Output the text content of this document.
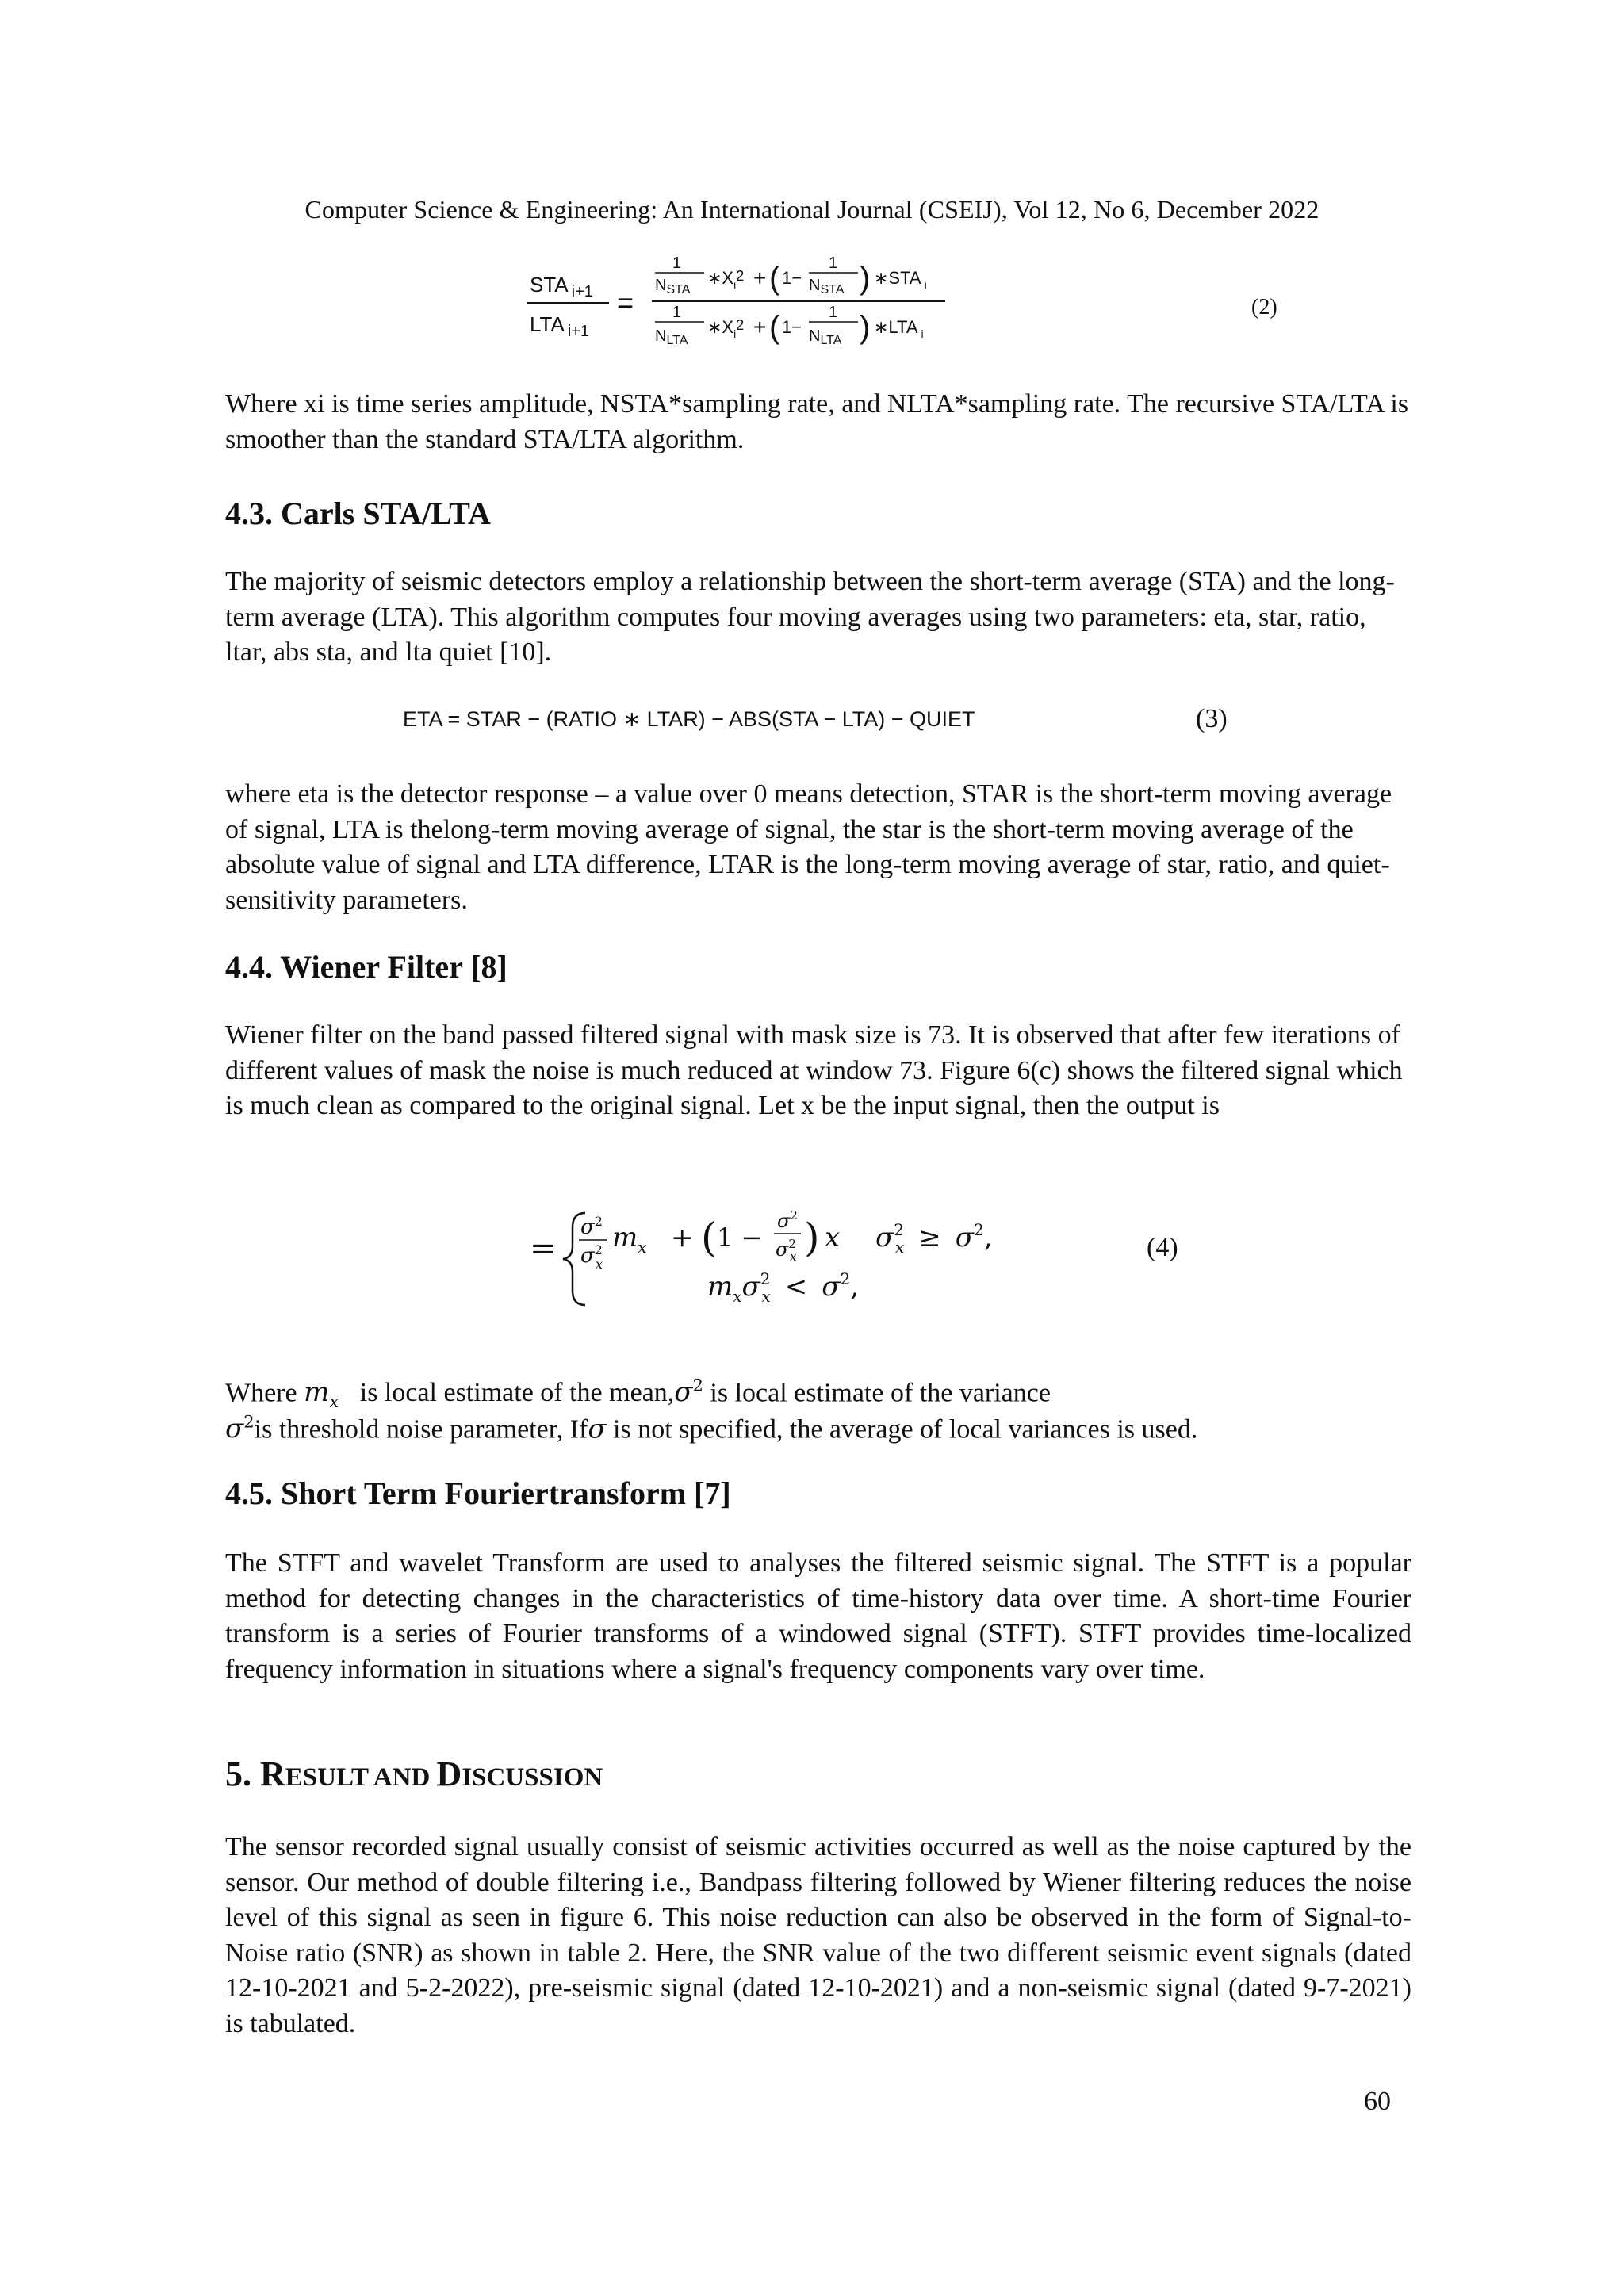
Computer Science & Engineering: An International Journal (CSEIJ), Vol 12, No 6, December 2022
STA $_{i+1}$
LTA $_{i+1}$
=
1
$N_{STA}$
$∗X_i^2$ + ( 1−
1
$N_{STA}$ ) ∗STA $_i$
1
$N_{LTA}$
$∗X_i^2$ + ( 1−
1
$N_{LTA}$ ) ∗LTA $_i$
(2)
Where xi is time series amplitude, NSTA*sampling rate, and NLTA*sampling rate. The recursive STA/LTA is smoother than the standard STA/LTA algorithm.
4.3. Carls STA/LTA
The majority of seismic detectors employ a relationship between the short-term average (STA) and the long-term average (LTA). This algorithm computes four moving averages using two parameters: eta, star, ratio, ltar, abs sta, and lta quiet [10].
ETA = STAR − (RATIO ∗ LTAR) − ABS(STA − LTA) − QUIET	(3)
where eta is the detector response – a value over 0 means detection, STAR is the short-term moving average of signal, LTA is thelong-term moving average of signal, the star is the short-term moving average of the absolute value of signal and LTA difference, LTAR is the long-term moving average of star, ratio, and quiet-sensitivity parameters.
4.4. Wiener Filter [8]
Wiener filter on the band passed filtered signal with mask size is 73. It is observed that after few iterations of different values of mask the noise is much reduced at window 73. Figure 6(c) shows the filtered signal which is much clean as compared to the original signal. Let x be the input signal, then the output is
=
$\sigma^2$
$\sigma^2$ x
$m_x$ + ( 1 −
$\sigma^2$
$\sigma^2$ x ) x $\sigma^2$ $x \ge \sigma^2$,
$m_x\sigma^2$ $x < \sigma^2$,
(4)
Where $m_x$ is local estimate of the $mean,\sigma^2$ is local estimate of the variance
$\sigma^2is$ threshold noise parameter, Ifσ is not specified, the average of local variances is used.
4.5. Short Term Fouriertransform [7]
The STFT and wavelet Transform are used to analyses the filtered seismic signal. The STFT is a popular method for detecting changes in the characteristics of time-history data over time. A short-time Fourier transform is a series of Fourier transforms of a windowed signal (STFT). STFT provides time-localized frequency information in situations where a signal's frequency components vary over time.
5. RESULT AND DISCUSSION
The sensor recorded signal usually consist of seismic activities occurred as well as the noise captured by the sensor. Our method of double filtering i.e., Bandpass filtering followed by Wiener filtering reduces the noise level of this signal as seen in figure 6. This noise reduction can also be observed in the form of Signal-to-Noise ratio (SNR) as shown in table 2. Here, the SNR value of the two different seismic event signals (dated 12-10-2021 and 5-2-2022), pre-seismic signal (dated 12-10-2021) and a non-seismic signal (dated 9-7-2021) is tabulated.
60
